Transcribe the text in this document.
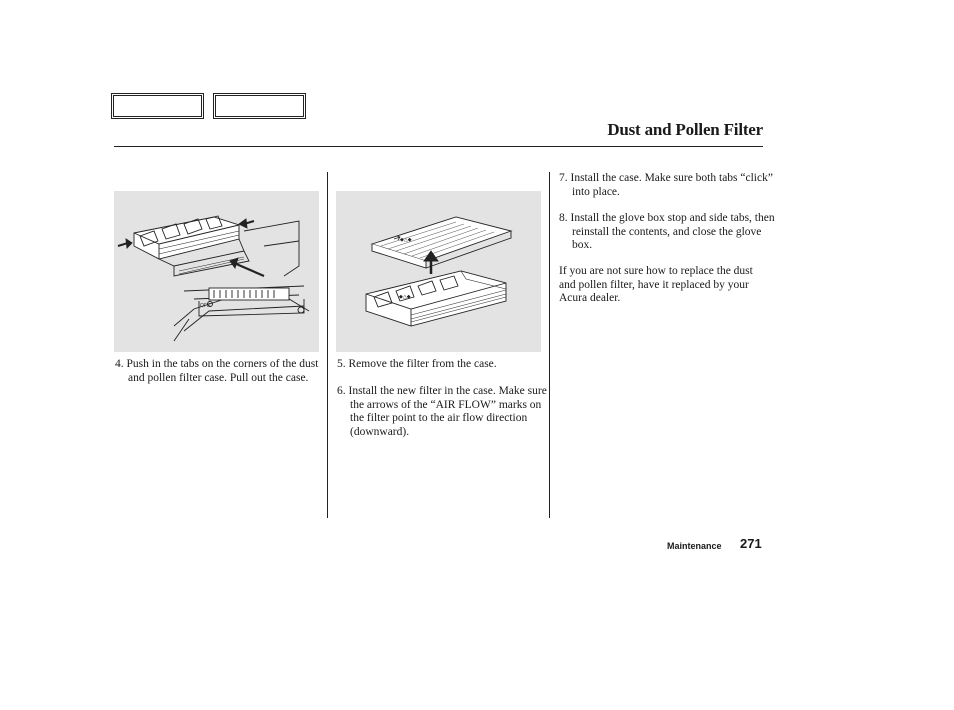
Dust and Pollen Filter
OFF
◆△◆
◆△◆

4. Push in the tabs on the corners of the dust and pollen filter case. Pull out the case.

5. Remove the filter from the case.

6. Install the new filter in the case. Make sure the arrows of the “AIR FLOW” marks on the filter point to the air flow direction (downward).

7. Install the case. Make sure both tabs “click” into place.

8. Install the glove box stop and side tabs, then reinstall the contents, and close the glove box.

If you are not sure how to replace the dust and pollen filter, have it replaced by your Acura dealer.

Maintenance 271
